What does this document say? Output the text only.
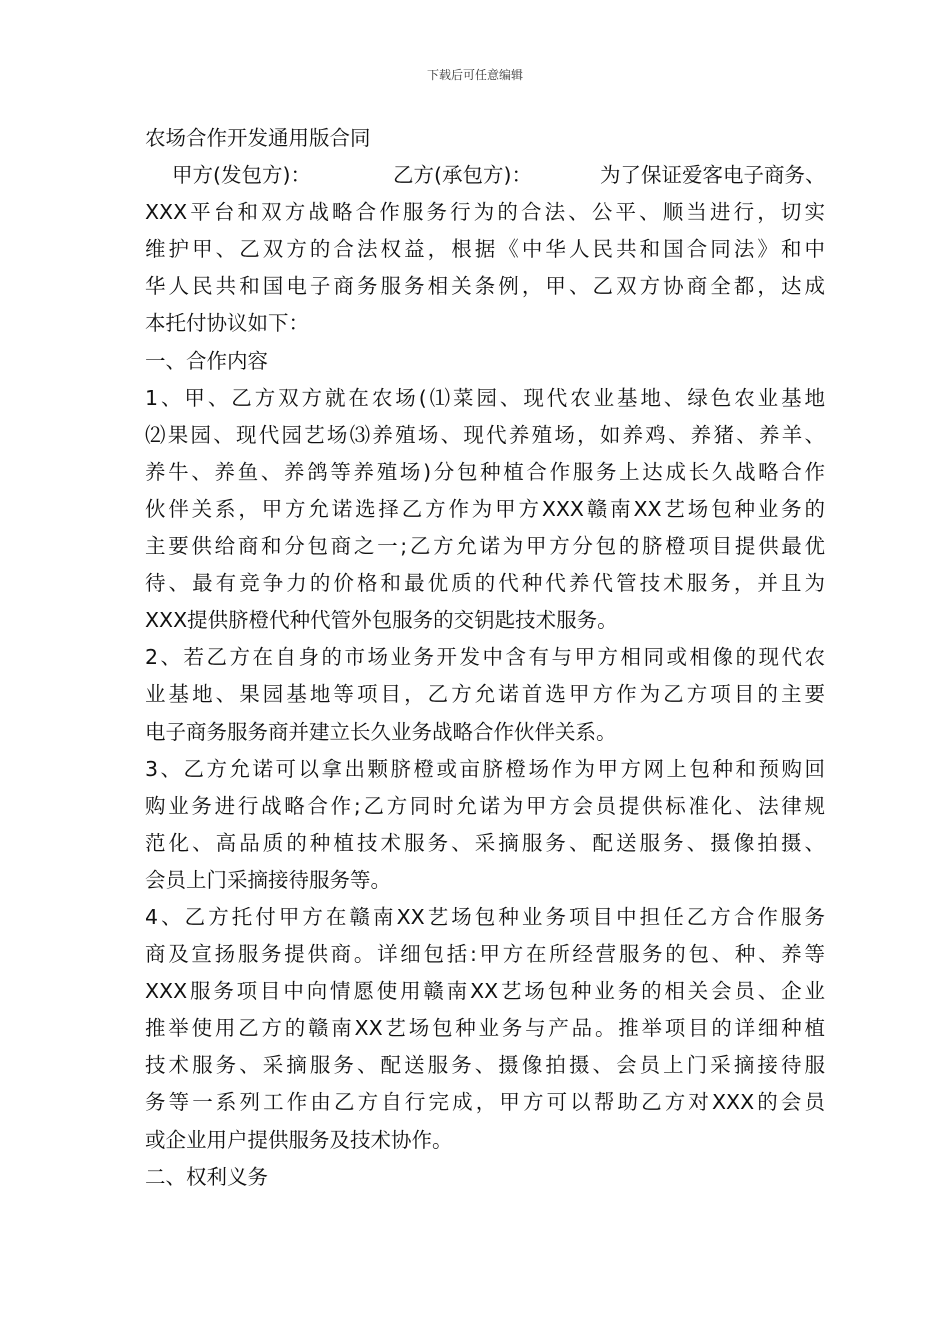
下载后可任意编辑
农场合作开发通用版合同
甲方(发包方)：	乙方(承包方)：	为了保证爱客电子商务、
XXX平台和双方战略合作服务行为的合法、公平、顺当进行，切实
维护甲、乙双方的合法权益，根据《中华人民共和国合同法》和中
华人民共和国电子商务服务相关条例，甲、乙双方协商全都，达成
本托付协议如下：
一、合作内容
1、甲、乙方双方就在农场(⑴菜园、现代农业基地、绿色农业基地
⑵果园、现代园艺场⑶养殖场、现代养殖场，如养鸡、养猪、养羊、
养牛、养鱼、养鸽等养殖场)分包种植合作服务上达成长久战略合作
伙伴关系，甲方允诺选择乙方作为甲方XXX赣南XX艺场包种业务的
主要供给商和分包商之一;乙方允诺为甲方分包的脐橙项目提供最优
待、最有竞争力的价格和最优质的代种代养代管技术服务，并且为
XXX提供脐橙代种代管外包服务的交钥匙技术服务。
2、若乙方在自身的市场业务开发中含有与甲方相同或相像的现代农
业基地、果园基地等项目，乙方允诺首选甲方作为乙方项目的主要
电子商务服务商并建立长久业务战略合作伙伴关系。
3、乙方允诺可以拿出颗脐橙或亩脐橙场作为甲方网上包种和预购回
购业务进行战略合作;乙方同时允诺为甲方会员提供标准化、法律规
范化、高品质的种植技术服务、采摘服务、配送服务、摄像拍摄、
会员上门采摘接待服务等。
4、乙方托付甲方在赣南XX艺场包种业务项目中担任乙方合作服务
商及宣扬服务提供商。详细包括:甲方在所经营服务的包、种、养等
XXX服务项目中向情愿使用赣南XX艺场包种业务的相关会员、企业
推举使用乙方的赣南XX艺场包种业务与产品。推举项目的详细种植
技术服务、采摘服务、配送服务、摄像拍摄、会员上门采摘接待服
务等一系列工作由乙方自行完成，甲方可以帮助乙方对XXX的会员
或企业用户提供服务及技术协作。
二、权利义务
